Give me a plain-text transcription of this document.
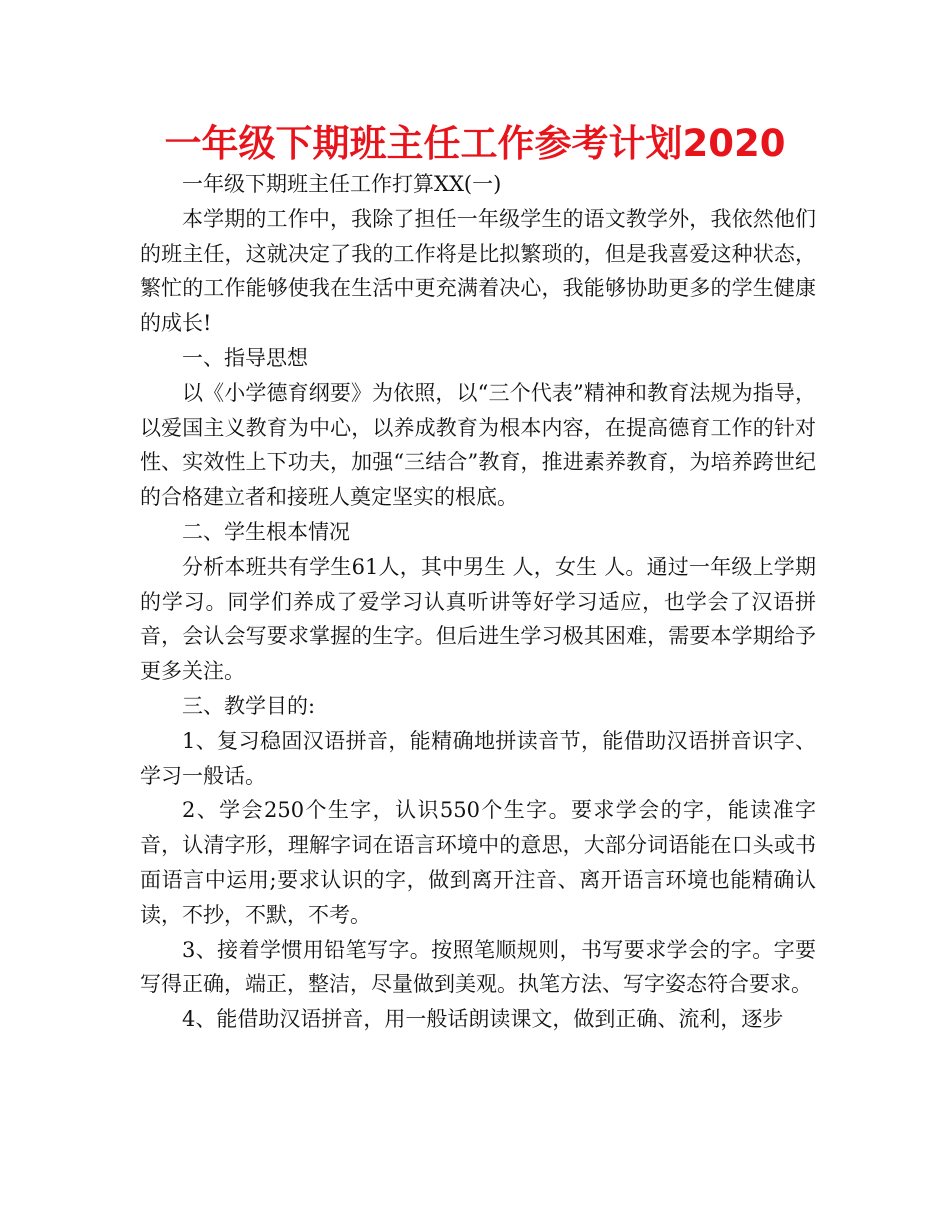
一年级下期班主任工作参考计划2020

一年级下期班主任工作打算XX(一)

本学期的工作中，我除了担任一年级学生的语文教学外，我依然他们的班主任，这就决定了我的工作将是比拟繁琐的，但是我喜爱这种状态，繁忙的工作能够使我在生活中更充满着决心，我能够协助更多的学生健康的成长!

一、指导思想

以《小学德育纲要》为依照，以“三个代表”精神和教育法规为指导，以爱国主义教育为中心，以养成教育为根本内容，在提高德育工作的针对性、实效性上下功夫，加强“三结合”教育，推进素养教育，为培养跨世纪的合格建立者和接班人奠定坚实的根底。

二、学生根本情况

分析本班共有学生61人，其中男生 人，女生 人。通过一年级上学期的学习。同学们养成了爱学习认真听讲等好学习适应，也学会了汉语拼音，会认会写要求掌握的生字。但后进生学习极其困难，需要本学期给予更多关注。

三、教学目的:

1、复习稳固汉语拼音，能精确地拼读音节，能借助汉语拼音识字、学习一般话。

2、学会250个生字，认识550个生字。要求学会的字，能读准字音，认清字形，理解字词在语言环境中的意思，大部分词语能在口头或书面语言中运用;要求认识的字，做到离开注音、离开语言环境也能精确认读，不抄，不默，不考。

3、接着学惯用铅笔写字。按照笔顺规则，书写要求学会的字。字要写得正确，端正，整洁，尽量做到美观。执笔方法、写字姿态符合要求。

4、能借助汉语拼音，用一般话朗读课文，做到正确、流利，逐步
